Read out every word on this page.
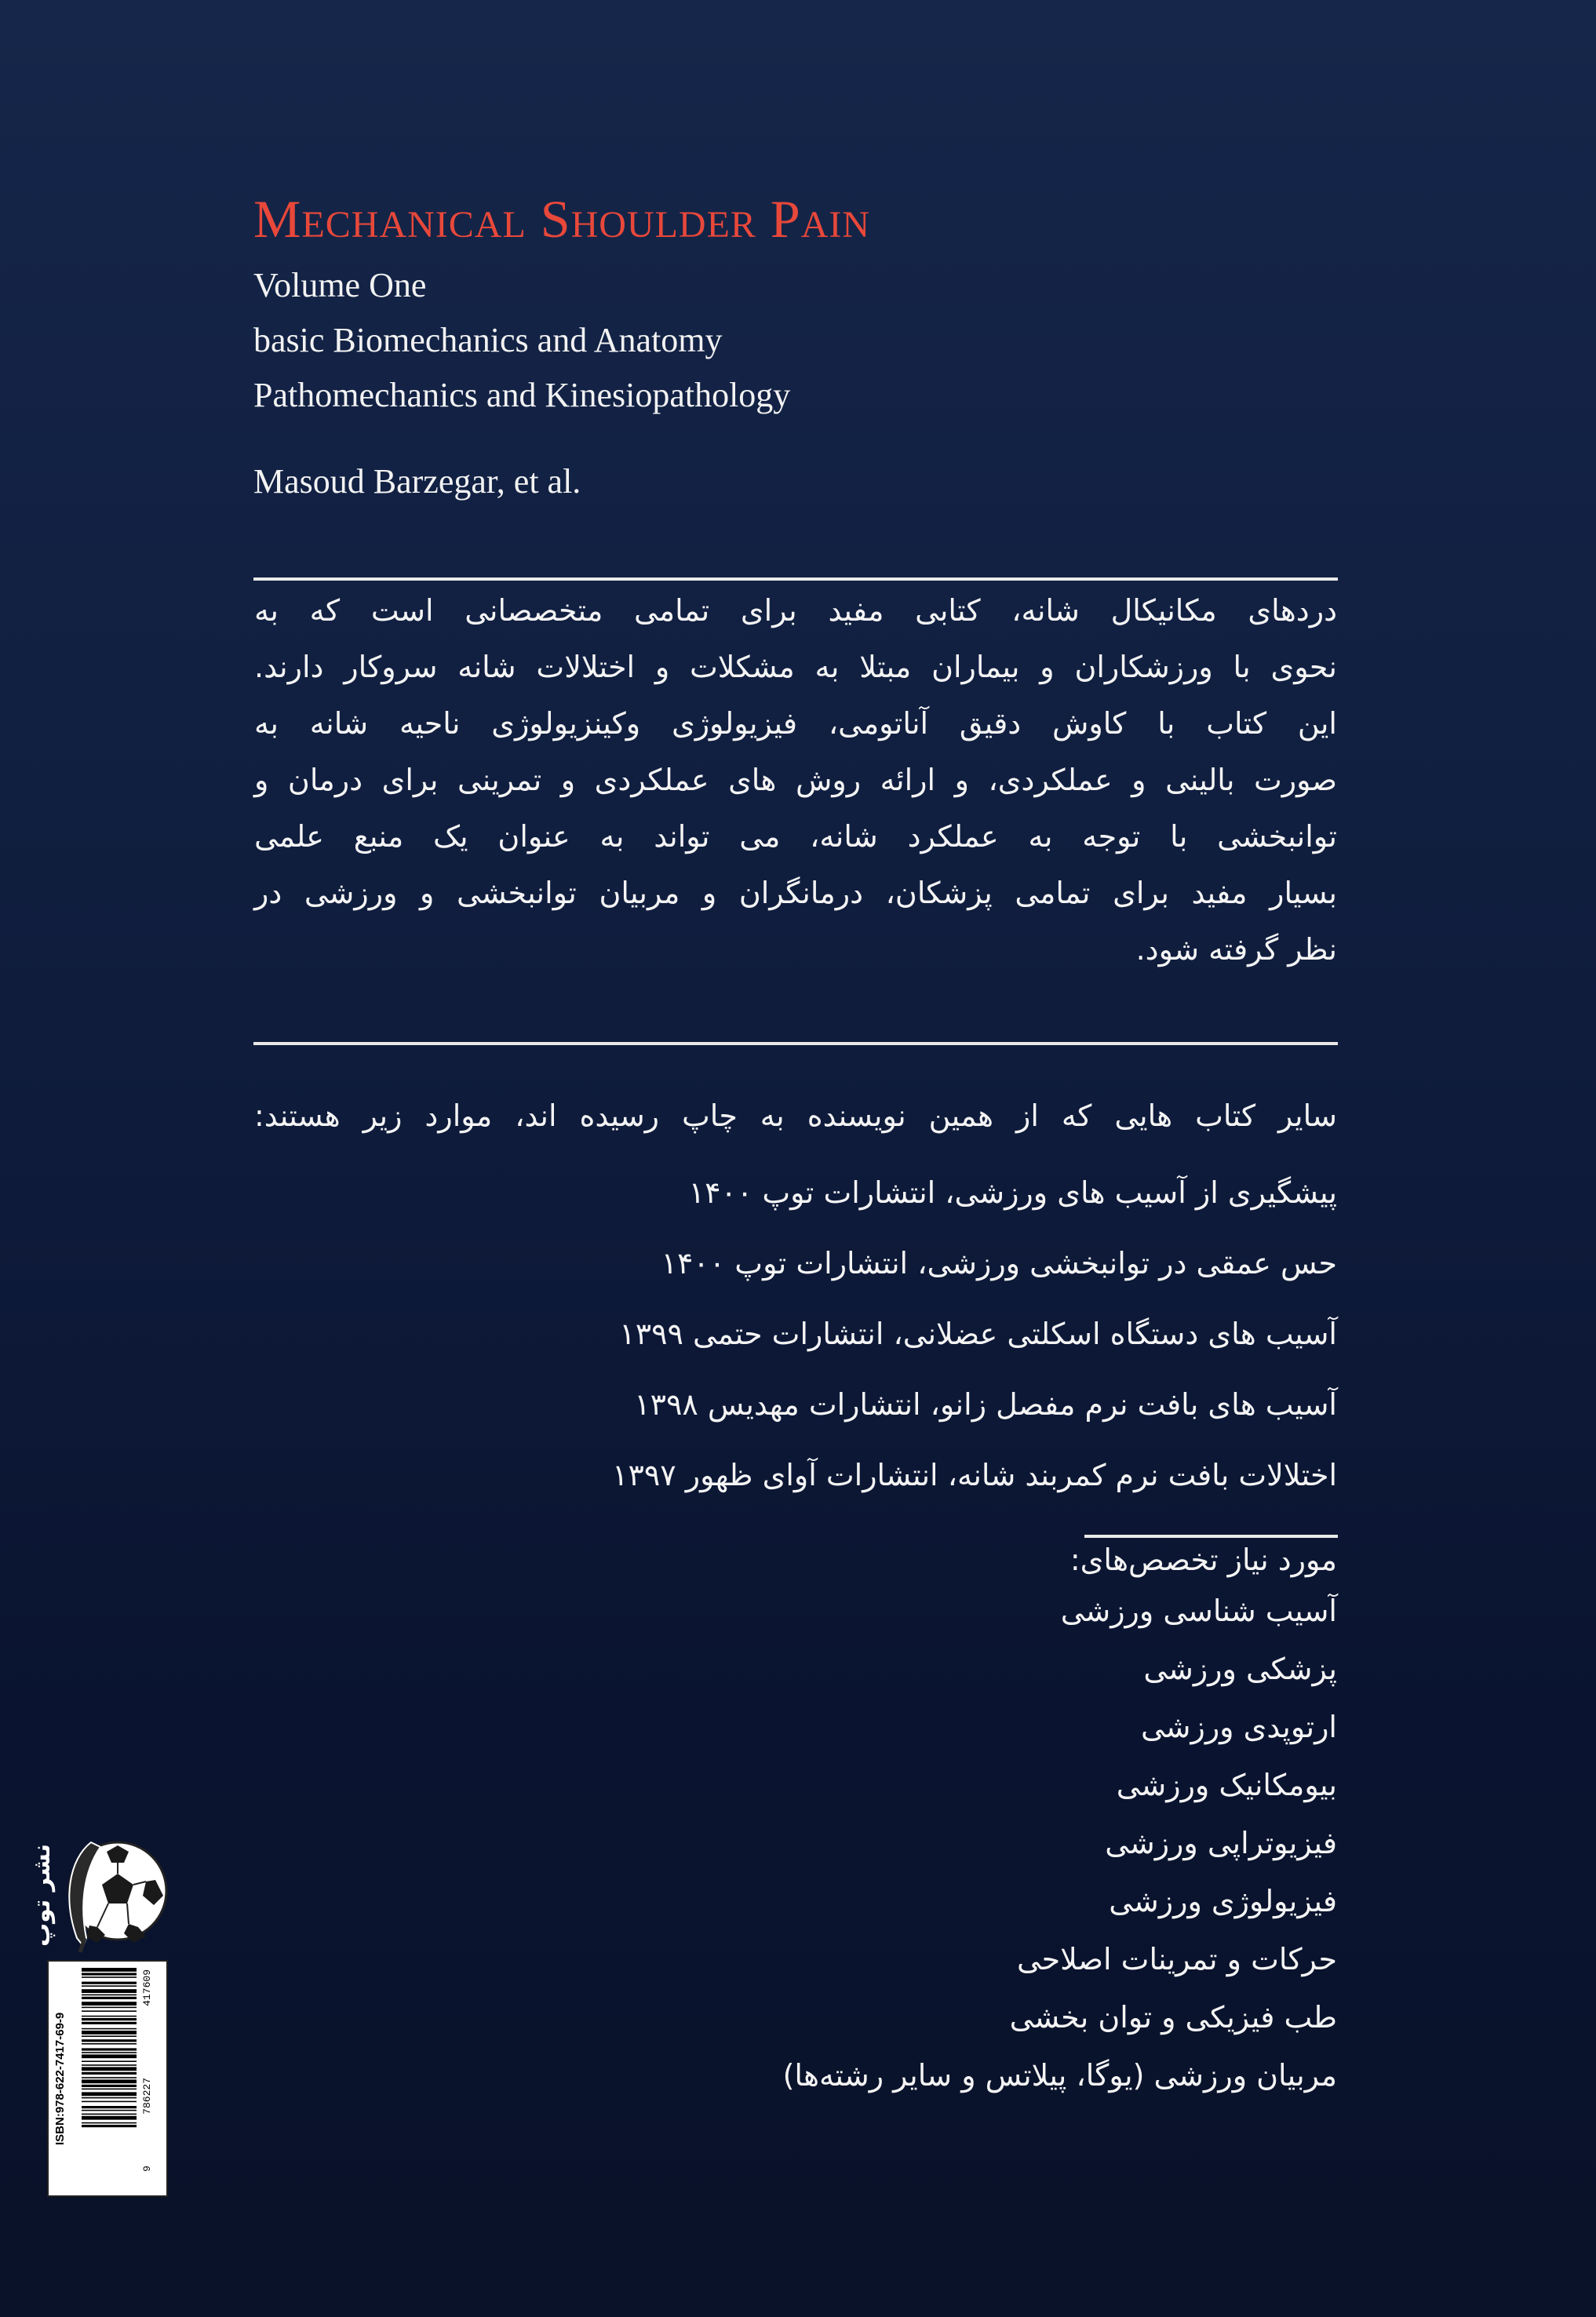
Mechanical Shoulder Pain
Volume One
basic Biomechanics and Anatomy
Pathomechanics and Kinesiopathology
Masoud Barzegar, et al.
دردهای مکانیکال شانه، کتابی مفید برای تمامی متخصصانی است که به
نحوی با ورزشکاران و بیماران مبتلا به مشکلات و اختلالات شانه سروکار دارند.
این کتاب با کاوش دقیق آناتومی، فیزیولوژی وکینزیولوژی ناحیه شانه به
صورت بالینی و عملکردی، و ارائه روش های عملکردی و تمرینی برای درمان و
توانبخشی با توجه به عملکرد شانه، می تواند به عنوان یک منبع علمی
بسیار مفید برای تمامی پزشکان، درمانگران و مربیان توانبخشی و ورزشی در
نظر گرفته شود.
سایر کتاب هایی که از همین نویسنده به چاپ رسیده اند، موارد زیر هستند:
پیشگیری از آسیب های ورزشی، انتشارات توپ ۱۴۰۰
حس عمقی در توانبخشی ورزشی، انتشارات توپ ۱۴۰۰
آسیب های دستگاه اسکلتی عضلانی، انتشارات حتمی ۱۳۹۹
آسیب های بافت نرم مفصل زانو، انتشارات مهدیس ۱۳۹۸
اختلالات بافت نرم کمربند شانه، انتشارات آوای ظهور ۱۳۹۷
مورد نیاز تخصص‌های:
آسیب شناسی ورزشی
پزشکی ورزشی
ارتوپدی ورزشی
بیومکانیک ورزشی
فیزیوتراپی ورزشی
فیزیولوژی ورزشی
حرکات و تمرینات اصلاحی
طب فیزیکی و توان بخشی
مربیان ورزشی (یوگا، پیلاتس و سایر رشته‌ها)
نشر توپ
ISBN:978-622-7417-69-9
9
786227
417609
